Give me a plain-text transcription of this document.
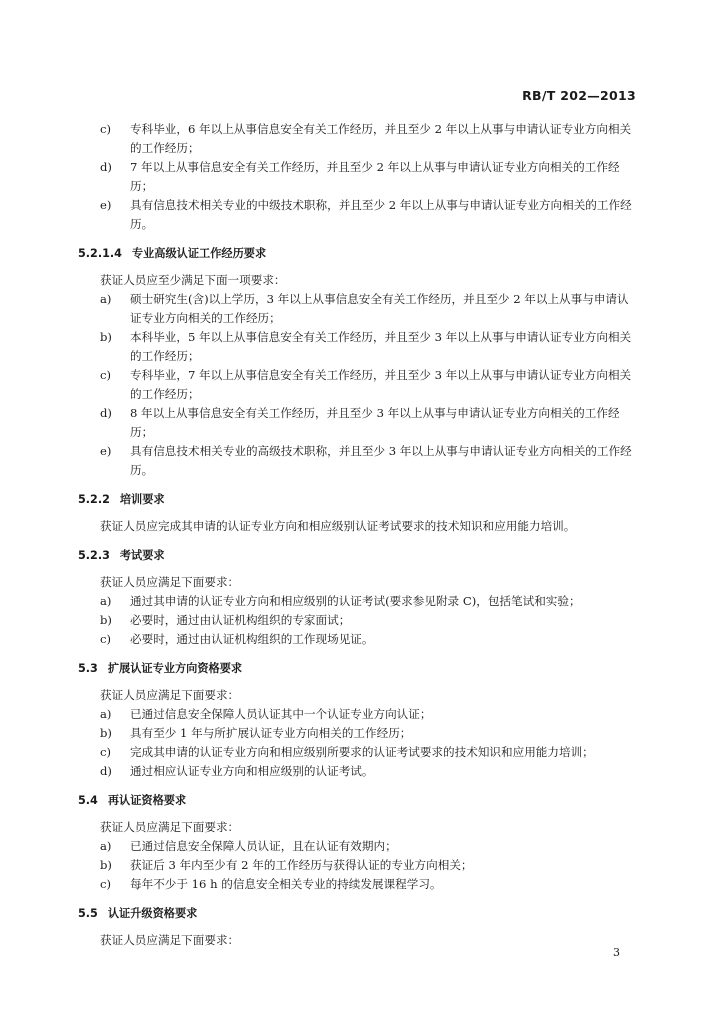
RB/T 202—2013
c)	专科毕业，6 年以上从事信息安全有关工作经历，并且至少 2 年以上从事与申请认证专业方向相关的工作经历；
d)	7 年以上从事信息安全有关工作经历，并且至少 2 年以上从事与申请认证专业方向相关的工作经历；
e)	具有信息技术相关专业的中级技术职称，并且至少 2 年以上从事与申请认证专业方向相关的工作经历。
5.2.1.4 专业高级认证工作经历要求
获证人员应至少满足下面一项要求：
a)	硕士研究生(含)以上学历，3 年以上从事信息安全有关工作经历，并且至少 2 年以上从事与申请认证专业方向相关的工作经历；
b)	本科毕业，5 年以上从事信息安全有关工作经历，并且至少 3 年以上从事与申请认证专业方向相关的工作经历；
c)	专科毕业，7 年以上从事信息安全有关工作经历，并且至少 3 年以上从事与申请认证专业方向相关的工作经历；
d)	8 年以上从事信息安全有关工作经历，并且至少 3 年以上从事与申请认证专业方向相关的工作经历；
e)	具有信息技术相关专业的高级技术职称，并且至少 3 年以上从事与申请认证专业方向相关的工作经历。
5.2.2 培训要求
获证人员应完成其申请的认证专业方向和相应级别认证考试要求的技术知识和应用能力培训。
5.2.3 考试要求
获证人员应满足下面要求：
a)	通过其申请的认证专业方向和相应级别的认证考试(要求参见附录 C)，包括笔试和实验；
b)	必要时，通过由认证机构组织的专家面试；
c)	必要时，通过由认证机构组织的工作现场见证。
5.3 扩展认证专业方向资格要求
获证人员应满足下面要求：
a)	已通过信息安全保障人员认证其中一个认证专业方向认证；
b)	具有至少 1 年与所扩展认证专业方向相关的工作经历；
c)	完成其申请的认证专业方向和相应级别所要求的认证考试要求的技术知识和应用能力培训；
d)	通过相应认证专业方向和相应级别的认证考试。
5.4 再认证资格要求
获证人员应满足下面要求：
a)	已通过信息安全保障人员认证，且在认证有效期内；
b)	获证后 3 年内至少有 2 年的工作经历与获得认证的专业方向相关；
c)	每年不少于 16 h 的信息安全相关专业的持续发展课程学习。
5.5 认证升级资格要求
获证人员应满足下面要求：
3
